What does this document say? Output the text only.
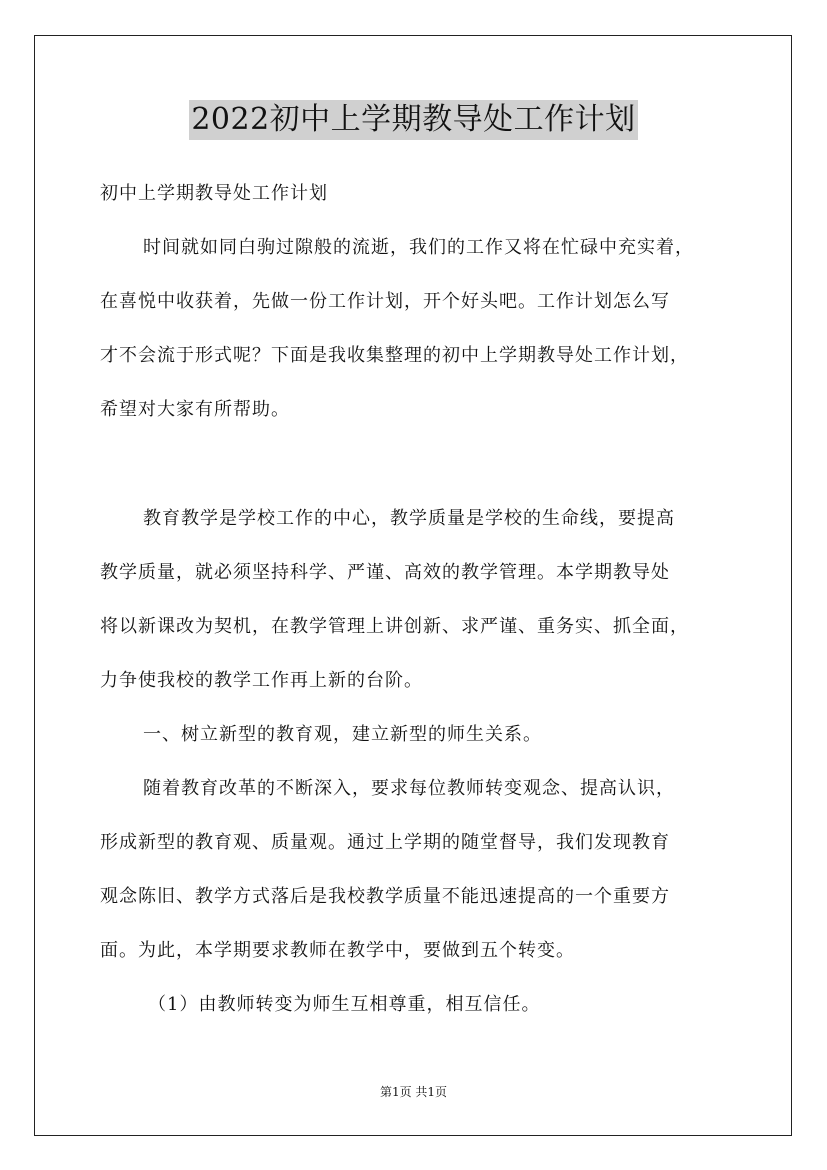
2022初中上学期教导处工作计划
初中上学期教导处工作计划
时间就如同白驹过隙般的流逝，我们的工作又将在忙碌中充实着，
在喜悦中收获着，先做一份工作计划，开个好头吧。工作计划怎么写
才不会流于形式呢？下面是我收集整理的初中上学期教导处工作计划，
希望对大家有所帮助。
教育教学是学校工作的中心，教学质量是学校的生命线，要提高
教学质量，就必须坚持科学、严谨、高效的教学管理。本学期教导处
将以新课改为契机，在教学管理上讲创新、求严谨、重务实、抓全面，
力争使我校的教学工作再上新的台阶。
一、树立新型的教育观，建立新型的师生关系。
随着教育改革的不断深入，要求每位教师转变观念、提高认识，
形成新型的教育观、质量观。通过上学期的随堂督导，我们发现教育
观念陈旧、教学方式落后是我校教学质量不能迅速提高的一个重要方
面。为此，本学期要求教师在教学中，要做到五个转变。
（1）由教师转变为师生互相尊重，相互信任。
第1页 共1页
